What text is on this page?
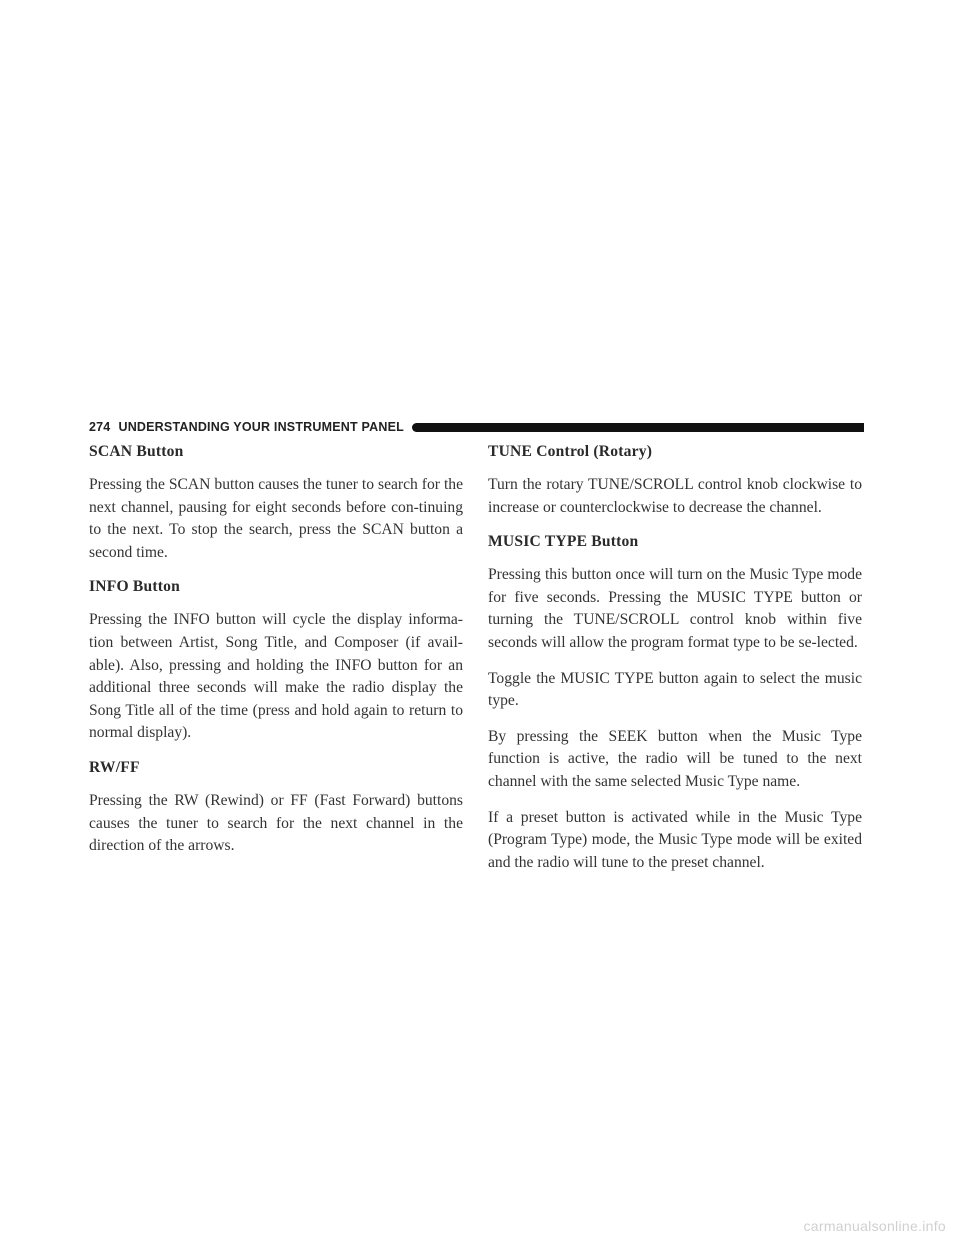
274 UNDERSTANDING YOUR INSTRUMENT PANEL
SCAN Button

Pressing the SCAN button causes the tuner to search for the next channel, pausing for eight seconds before con-tinuing to the next. To stop the search, press the SCAN button a second time.

INFO Button

Pressing the INFO button will cycle the display informa-tion between Artist, Song Title, and Composer (if avail-able). Also, pressing and holding the INFO button for an additional three seconds will make the radio display the Song Title all of the time (press and hold again to return to normal display).

RW/FF

Pressing the RW (Rewind) or FF (Fast Forward) buttons causes the tuner to search for the next channel in the direction of the arrows.

TUNE Control (Rotary)

Turn the rotary TUNE/SCROLL control knob clockwise to increase or counterclockwise to decrease the channel.

MUSIC TYPE Button

Pressing this button once will turn on the Music Type mode for five seconds. Pressing the MUSIC TYPE button or turning the TUNE/SCROLL control knob within five seconds will allow the program format type to be se-lected.

Toggle the MUSIC TYPE button again to select the music type.

By pressing the SEEK button when the Music Type function is active, the radio will be tuned to the next channel with the same selected Music Type name.

If a preset button is activated while in the Music Type (Program Type) mode, the Music Type mode will be exited and the radio will tune to the preset channel.

carmanualsonline.info
